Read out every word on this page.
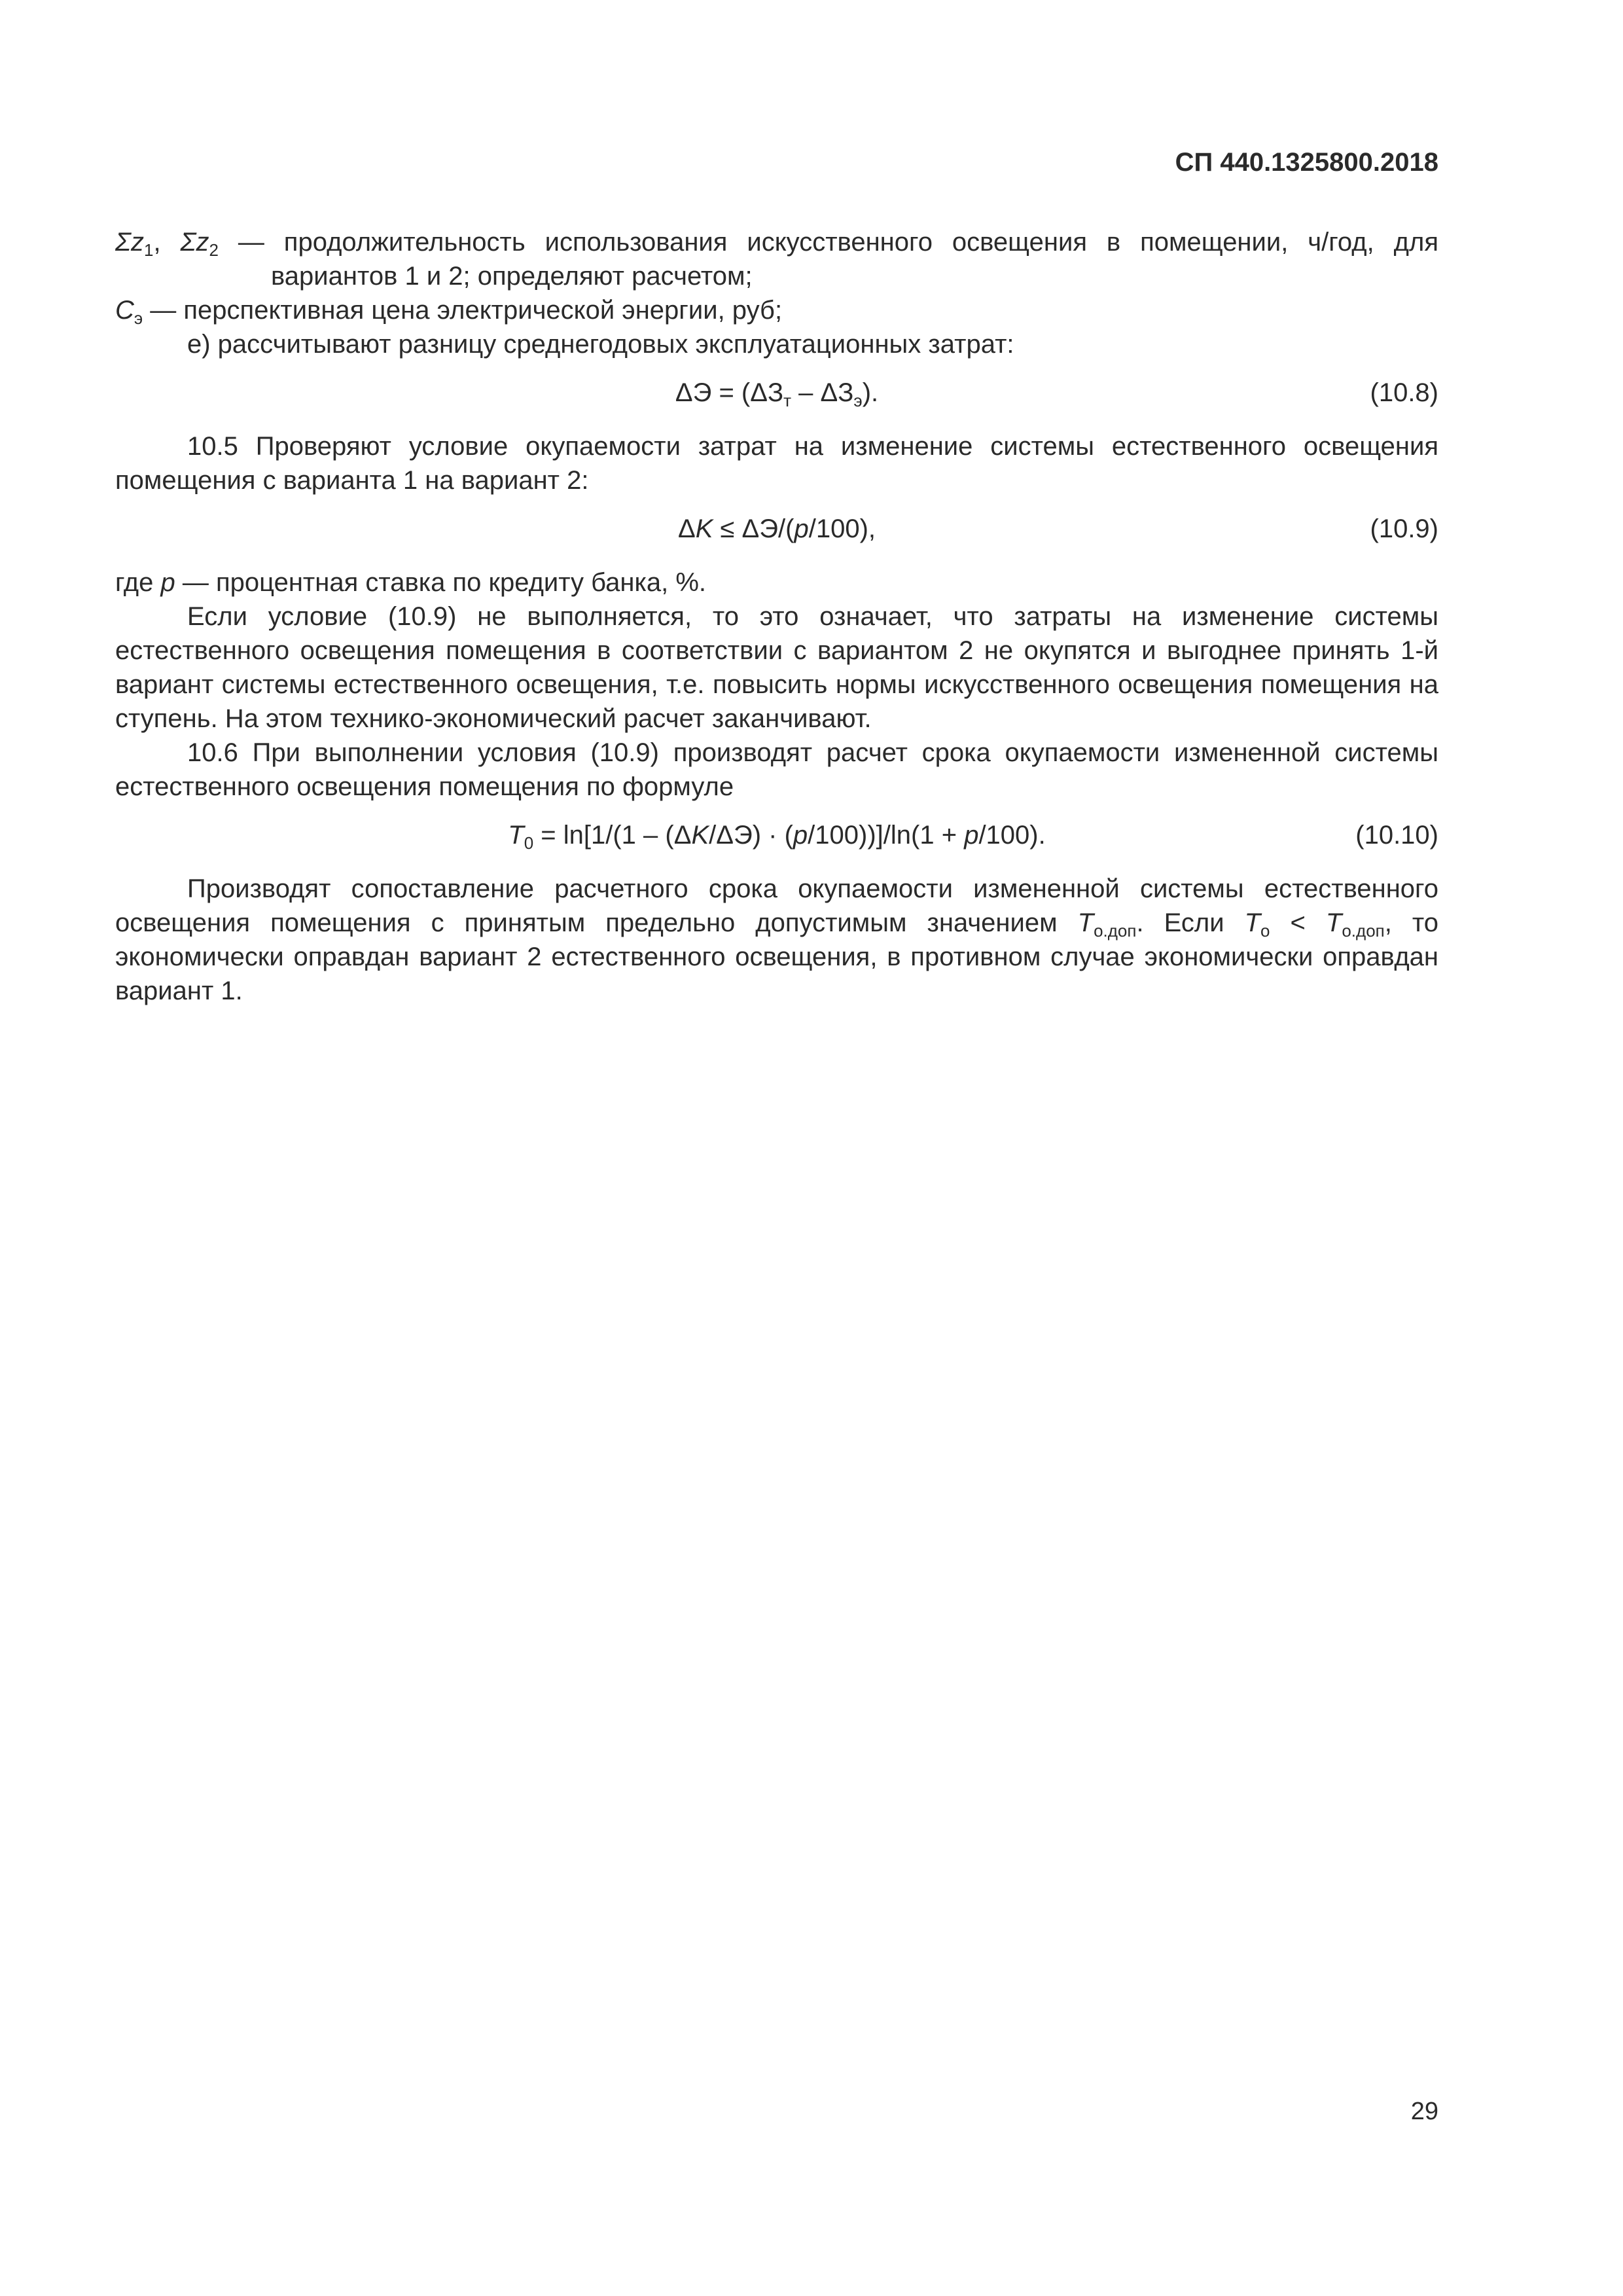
СП 440.1325800.2018

$\Sigma z_1$, $\Sigma z_2$ — продолжительность использования искусственного освещения в помещении, ч/год, для вариантов 1 и 2; определяют расчетом;

$C_э$ — перспективная цена электрической энергии, руб;

е) рассчитывают разницу среднегодовых эксплуатационных затрат:

$\Delta Э = (\Delta З_т - \Delta З_э)$.	(10.8)

10.5 Проверяют условие окупаемости затрат на изменение системы естественного освещения помещения с варианта 1 на вариант 2:

ΔK ≤ ΔЭ/(p/100),	(10.9)

где p — процентная ставка по кредиту банка, %.

Если условие (10.9) не выполняется, то это означает, что затраты на изменение системы естественного освещения помещения в соответствии с вариантом 2 не окупятся и выгоднее принять 1-й вариант системы естественного освещения, т.е. повысить нормы искусственного освещения помещения на ступень. На этом технико-экономический расчет заканчивают.

10.6 При выполнении условия (10.9) производят расчет срока окупаемости измененной системы естественного освещения помещения по формуле

$T_0 = \ln[1/(1 - (\Delta K/\Delta Э) \cdot (p/100))]/\ln(1 + p/100)$.	(10.10)

Производят сопоставление расчетного срока окупаемости измененной системы естественного освещения помещения с принятым предельно допустимым значением $T_{о.доп}$. Если $T_о < T_{о.доп}$, то экономически оправдан вариант 2 естественного освещения, в противном случае экономически оправдан вариант 1.

29
